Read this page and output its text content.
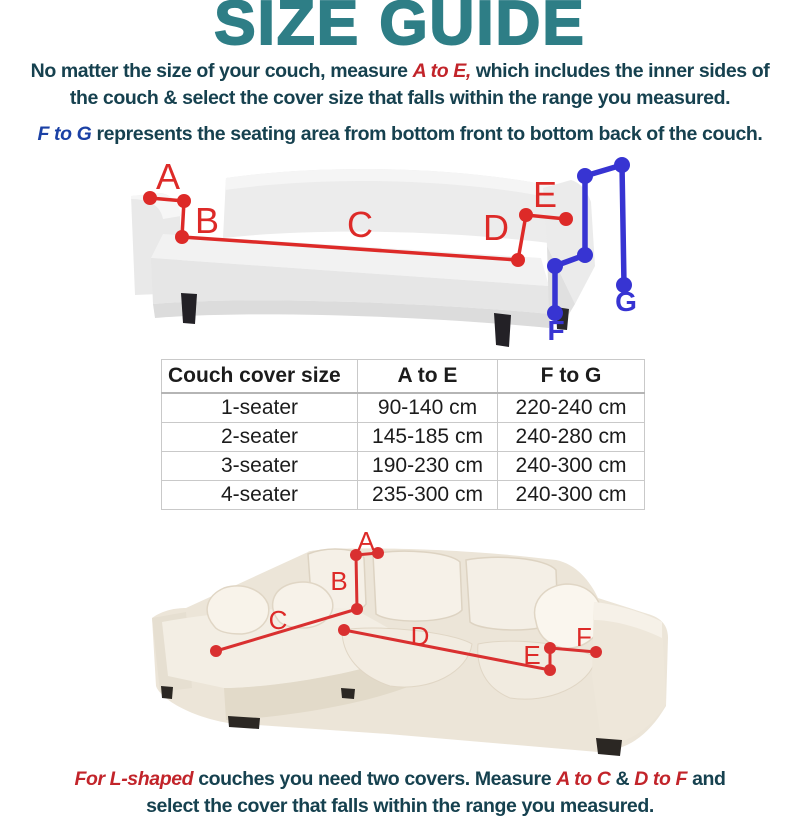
SIZE GUIDE
No matter the size of your couch, measure A to E, which includes the inner sides of
the couch & select the cover size that falls within the range you measured.
F to G represents the seating area from bottom front to bottom back of the couch.
A
B	C	D
E
F
G
Couch cover size	A to E	F to G
1-seater	90-140 cm	220-240 cm
2-seater	145-185 cm	240-280 cm
3-seater	190-230 cm	240-300 cm
4-seater	235-300 cm	240-300 cm
A
B
C
D
E
F
For L-shaped couches you need two covers. Measure A to C & D to F and
select the cover that falls within the range you measured.
